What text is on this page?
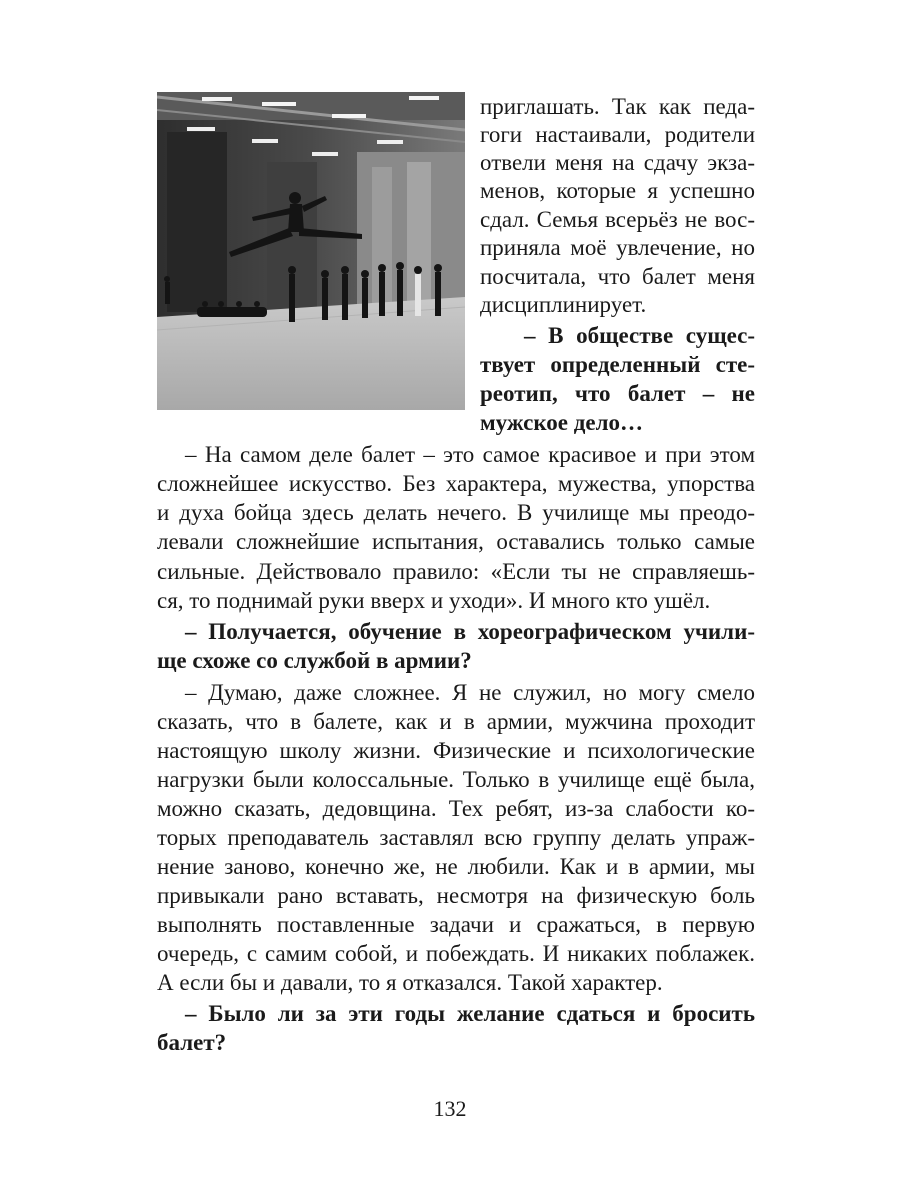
приглашать. Так как педа-
гоги настаивали, родители
отвели меня на сдачу экза-
менов, которые я успешно
сдал. Семья всерьёз не вос-
приняла моё увлечение, но
посчитала, что балет меня
дисциплинирует.
– В обществе сущес-
твует определенный сте-
реотип, что балет – не
мужское дело…
– На самом деле балет – это самое красивое и при этом
сложнейшее искусство. Без характера, мужества, упорства
и духа бойца здесь делать нечего. В училище мы преодо-
левали сложнейшие испытания, оставались только самые
сильные. Действовало правило: «Если ты не справляешь-
ся, то поднимай руки вверх и уходи». И много кто ушёл.
– Получается, обучение в хореографическом учили-
ще схоже со службой в армии?
– Думаю, даже сложнее. Я не служил, но могу смело
сказать, что в балете, как и в армии, мужчина проходит
настоящую школу жизни. Физические и психологические
нагрузки были колоссальные. Только в училище ещё была,
можно сказать, дедовщина. Тех ребят, из-за слабости ко-
торых преподаватель заставлял всю группу делать упраж-
нение заново, конечно же, не любили. Как и в армии, мы
привыкали рано вставать, несмотря на физическую боль
выполнять поставленные задачи и сражаться, в первую
очередь, с самим собой, и побеждать. И никаких поблажек.
А если бы и давали, то я отказался. Такой характер.
– Было ли за эти годы желание сдаться и бросить
балет?
132
